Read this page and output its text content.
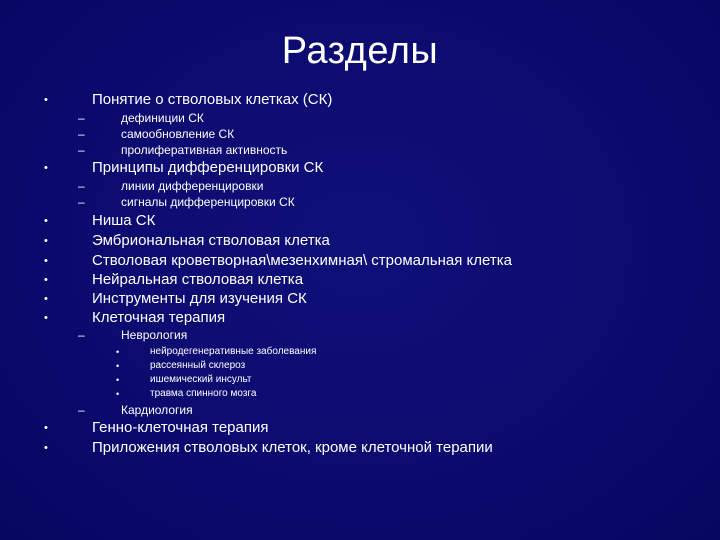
Разделы
•	Понятие о стволовых клетках (СК)
–	дефиниции СК
–	самообновление СК
–	пролиферативная активность
•	Принципы дифференцировки СК
–	линии дифференцировки
–	сигналы дифференцировки СК
•	Ниша СК
•	Эмбриональная стволовая клетка
•	Стволовая кроветворная\мезенхимная\ стромальная клетка
•	Нейральная стволовая клетка
•	Инструменты для изучения СК
•	Клеточная терапия
–	Неврология
•	нейродегенеративные заболевания
•	рассеянный склероз
•	ишемический инсульт
•	травма спинного мозга
–	Кардиология
•	Генно-клеточная терапия
•	Приложения стволовых клеток, кроме клеточной терапии
